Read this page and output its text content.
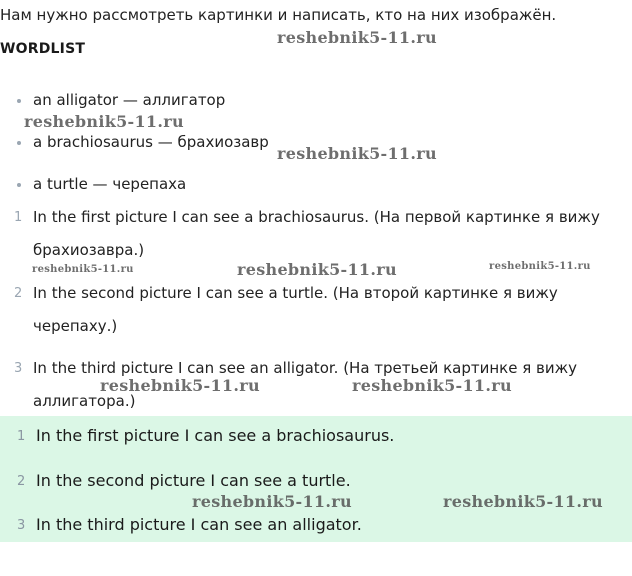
Нам нужно рассмотреть картинки и написать, кто на них изображён.
WORDLIST
an alligator — аллигатор
a brachiosaurus — брахиозавр
a turtle — черепаха
1 In the first picture I can see a brachiosaurus. (На первой картинке я вижу
брахиозавра.)
2 In the second picture I can see a turtle. (На второй картинке я вижу
черепаху.)
3 In the third picture I can see an alligator. (На третьей картинке я вижу
аллигатора.)
1 In the first picture I can see a brachiosaurus.
2 In the second picture I can see a turtle.
3 In the third picture I can see an alligator.
reshebnik5-11.ru
reshebnik5-11.ru
reshebnik5-11.ru
reshebnik5-11.ru	reshebnik5-11.ru	reshebnik5-11.ru
reshebnik5-11.ru	reshebnik5-11.ru
reshebnik5-11.ru	reshebnik5-11.ru
